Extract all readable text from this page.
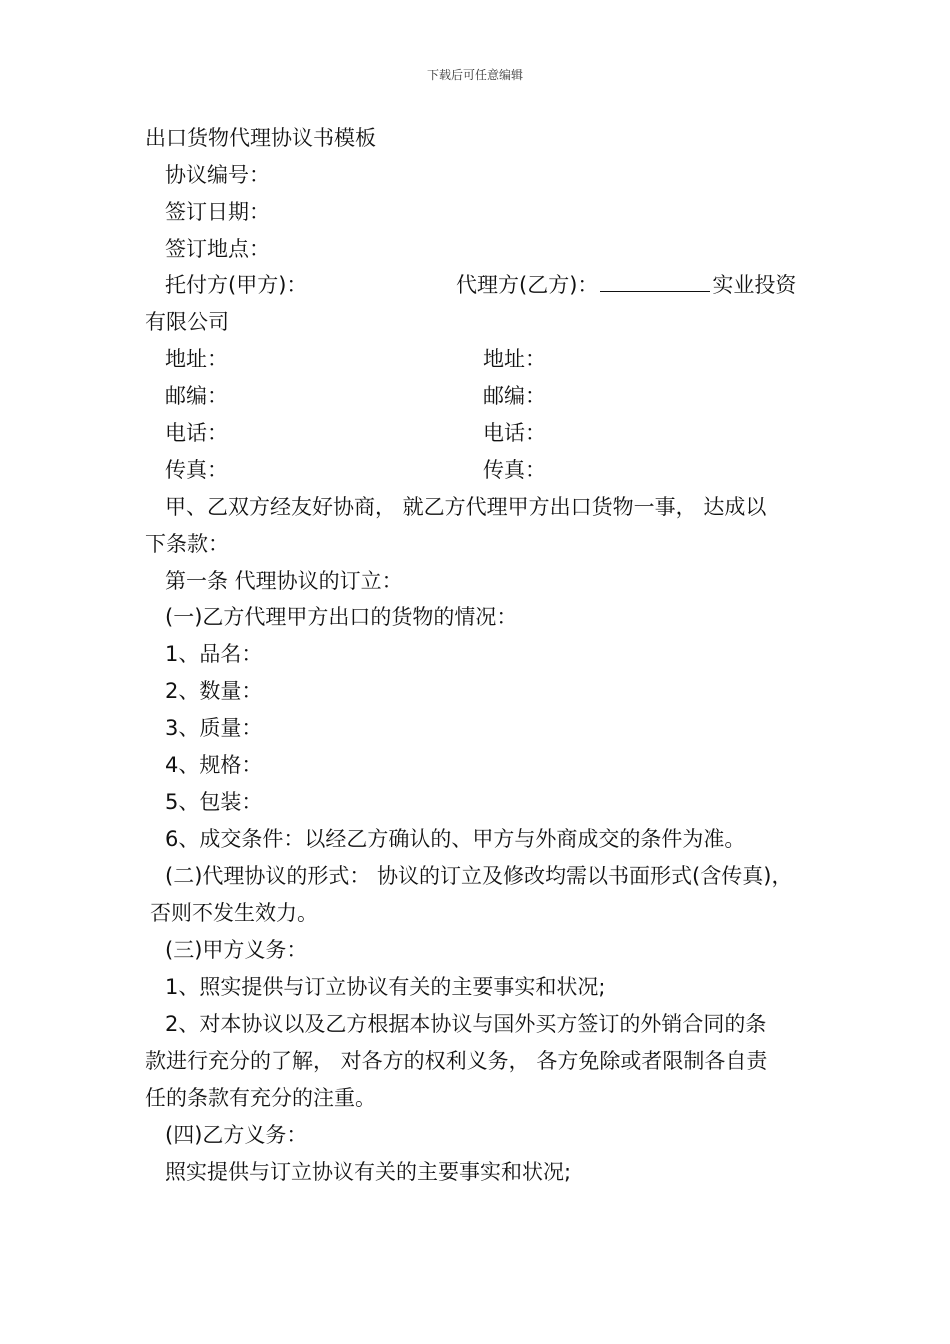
下载后可任意编辑
出口货物代理协议书模板
协议编号：
签订日期：
签订地点：
托付方(甲方)：	代理方(乙方)：	实业投资
有限公司
地址：	地址：
邮编：	邮编：
电话：	电话：
传真：	传真：
甲、乙双方经友好协商， 就乙方代理甲方出口货物一事， 达成以
下条款：
第一条 代理协议的订立：
(一)乙方代理甲方出口的货物的情况：
1、品名：
2、数量：
3、质量：
4、规格：
5、包装：
6、成交条件：以经乙方确认的、甲方与外商成交的条件为准。
(二)代理协议的形式： 协议的订立及修改均需以书面形式(含传真)，
否则不发生效力。
(三)甲方义务：
1、照实提供与订立协议有关的主要事实和状况;
2、对本协议以及乙方根据本协议与国外买方签订的外销合同的条
款进行充分的了解， 对各方的权利义务， 各方免除或者限制各自责
任的条款有充分的注重。
(四)乙方义务：
照实提供与订立协议有关的主要事实和状况;
